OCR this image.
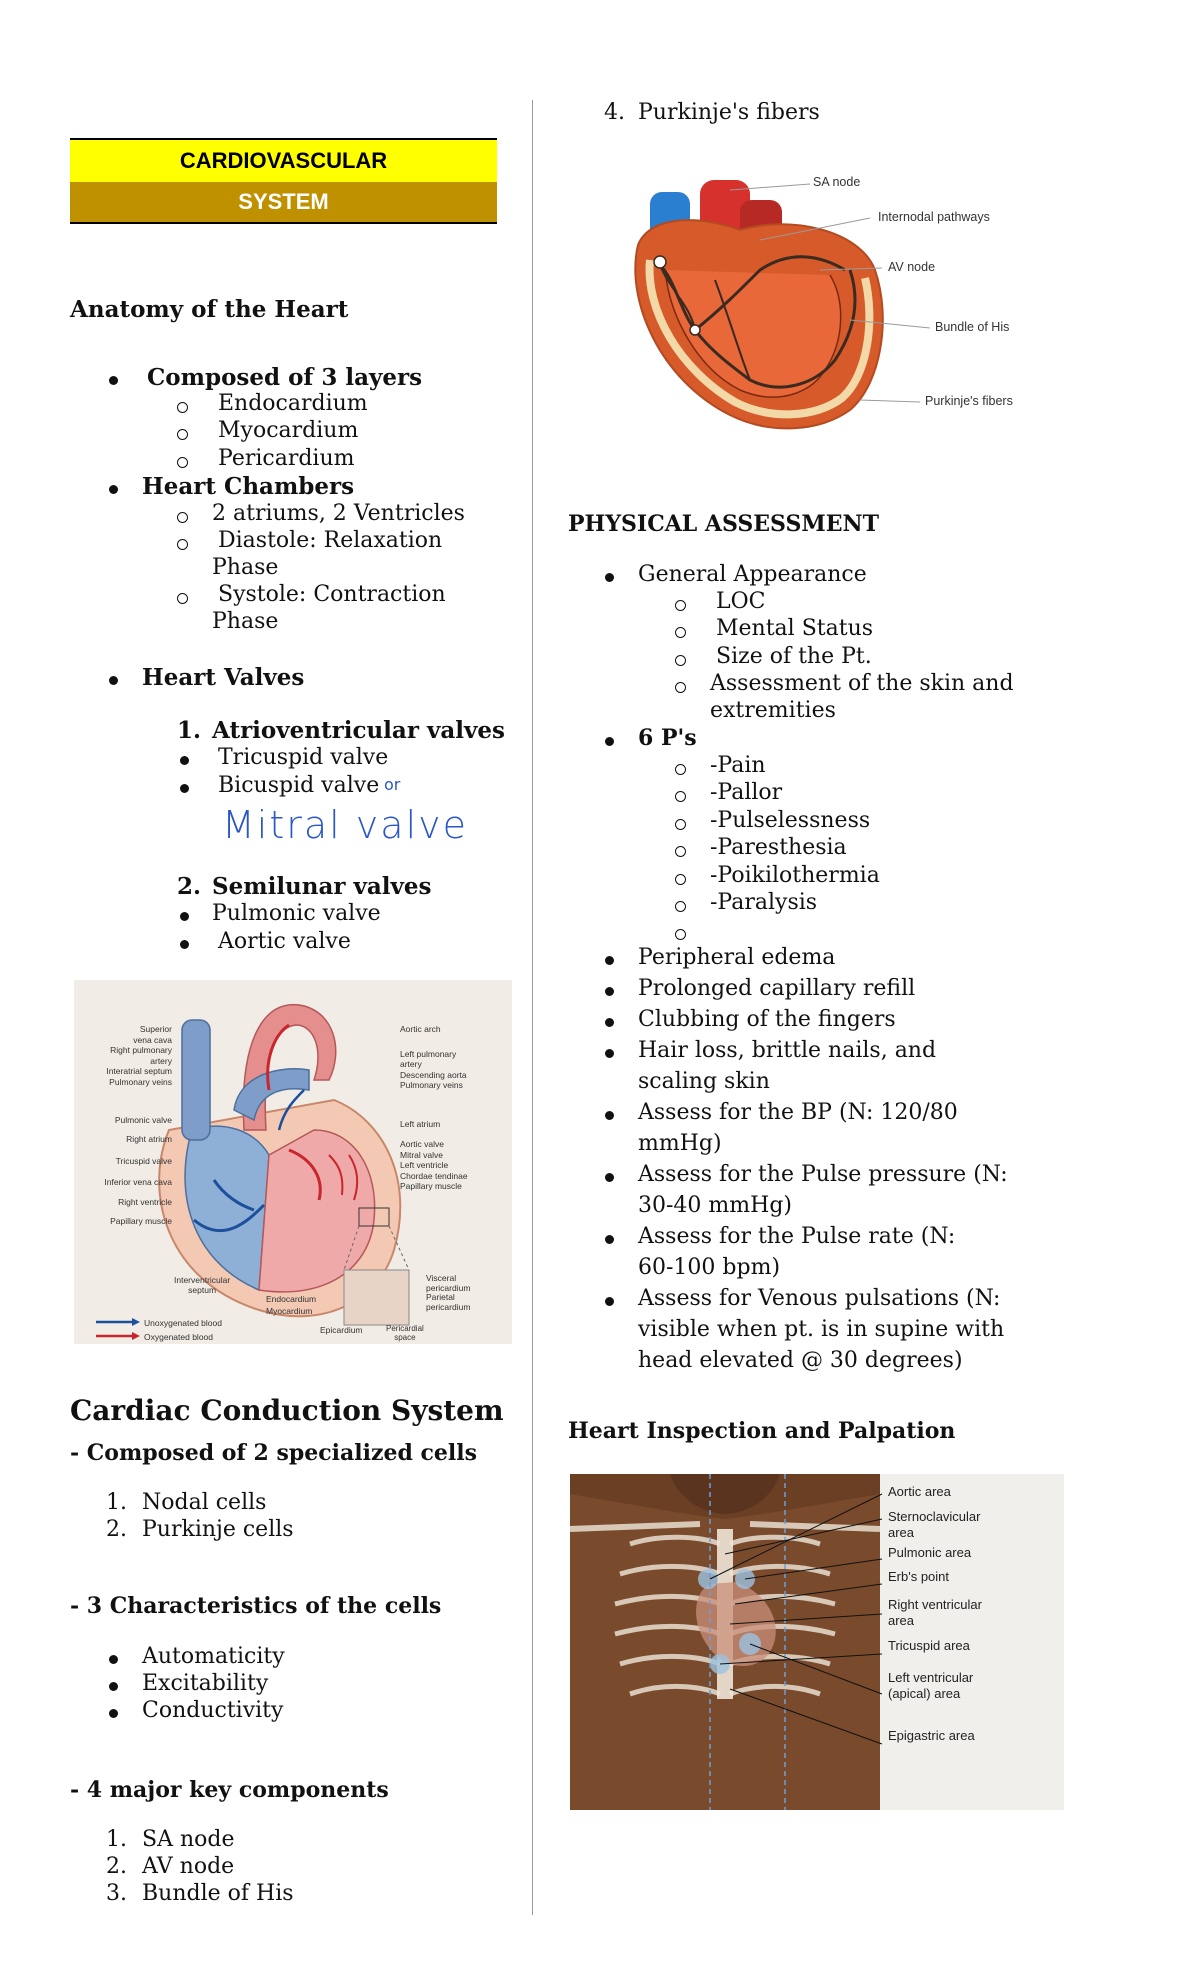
CARDIOVASCULAR
SYSTEM
Anatomy of the Heart
Composed of 3 layers
Endocardium
Myocardium
Pericardium
Heart Chambers
2 atriums, 2 Ventricles
Diastole: Relaxation
Phase
Systole: Contraction
Phase
Heart Valves
1. Atrioventricular valves
Tricuspid valve
Bicuspid valve or
Mitral valve
2. Semilunar valves
Pulmonic valve
Aortic valve
Superior
vena cava
Right pulmonary
artery
Interatrial septum
Pulmonary veins
Pulmonic valve
Right atrium
Tricuspid valve
Inferior vena cava
Right ventricle
Papillary muscle
Interventricular
septum
Endocardium
Myocardium
Epicardium
Aortic arch
Left pulmonary
artery
Descending aorta
Pulmonary veins
Left atrium
Aortic valve
Mitral valve
Left ventricle
Chordae tendinae
Papillary muscle
Visceral
pericardium
Parietal
pericardium
Pericardial
space
Unoxygenated blood
Oxygenated blood
Cardiac Conduction System
- Composed of 2 specialized cells
1. Nodal cells
2. Purkinje cells
- 3 Characteristics of the cells
Automaticity
Excitability
Conductivity
- 4 major key components
1. SA node
2. AV node
3. Bundle of His
4. Purkinje's fibers
SA node
Internodal pathways
AV node
Bundle of His
Purkinje's fibers
PHYSICAL ASSESSMENT
General Appearance
LOC
Mental Status
Size of the Pt.
Assessment of the skin and
extremities
6 P's
-Pain
-Pallor
-Pulselessness
-Paresthesia
-Poikilothermia
-Paralysis
Peripheral edema
Prolonged capillary refill
Clubbing of the fingers
Hair loss, brittle nails, and
scaling skin
Assess for the BP (N: 120/80
mmHg)
Assess for the Pulse pressure (N:
30-40 mmHg)
Assess for the Pulse rate (N:
60-100 bpm)
Assess for Venous pulsations (N:
visible when pt. is in supine with
head elevated @ 30 degrees)
Heart Inspection and Palpation
Aortic area
Sternoclavicular
area
Pulmonic area
Erb's point
Right ventricular
area
Tricuspid area
Left ventricular
(apical) area
Epigastric area
